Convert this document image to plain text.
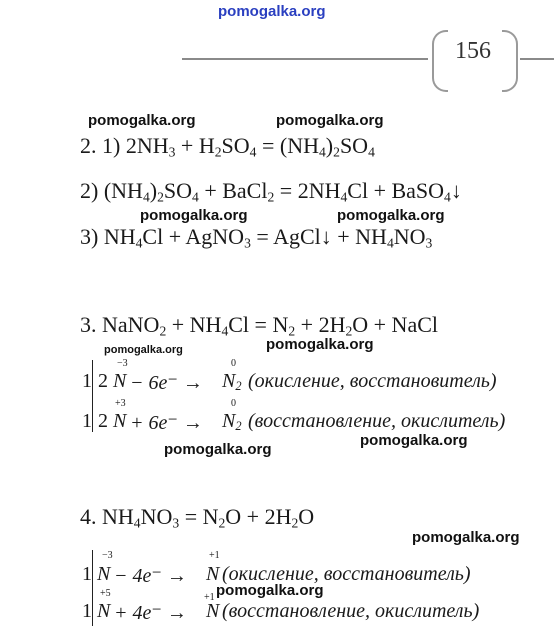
pomogalka.org
156
pomogalka.org	pomogalka.org
2. 1) $2NH_3 + H_2SO_4 = (NH_4)_2SO_4$
2) $(NH_4)_2SO_4$ + BaCl$_2$ = $2NH_4Cl$ + BaSO$_4$↓
pomogalka.org	pomogalka.org
3) $NH_4Cl$ + AgNO$_3$ = AgCl↓ + $NH_4NO_3$
3. NaNO$_2$ + $NH_4Cl = N_2 + 2H_2O$ + NaCl
pomogalka.org	pomogalka.org
1 2
−3
N − 6e⁻ →
0
$N_2$ (окисление, восстановитель)
1 2
+3
N + 6e⁻ →
0
$N_2$ (восстановление, окислитель)
pomogalka.org
pomogalka.org
4. $NH_4NO_3 = N_2O + 2H_2O$
pomogalka.org
1
−3
N − 4e⁻ →
+1
N (окисление, восстановитель)
pomogalka.org
1
+5
N + 4e⁻ →
+1
N (восстановление, окислитель)
